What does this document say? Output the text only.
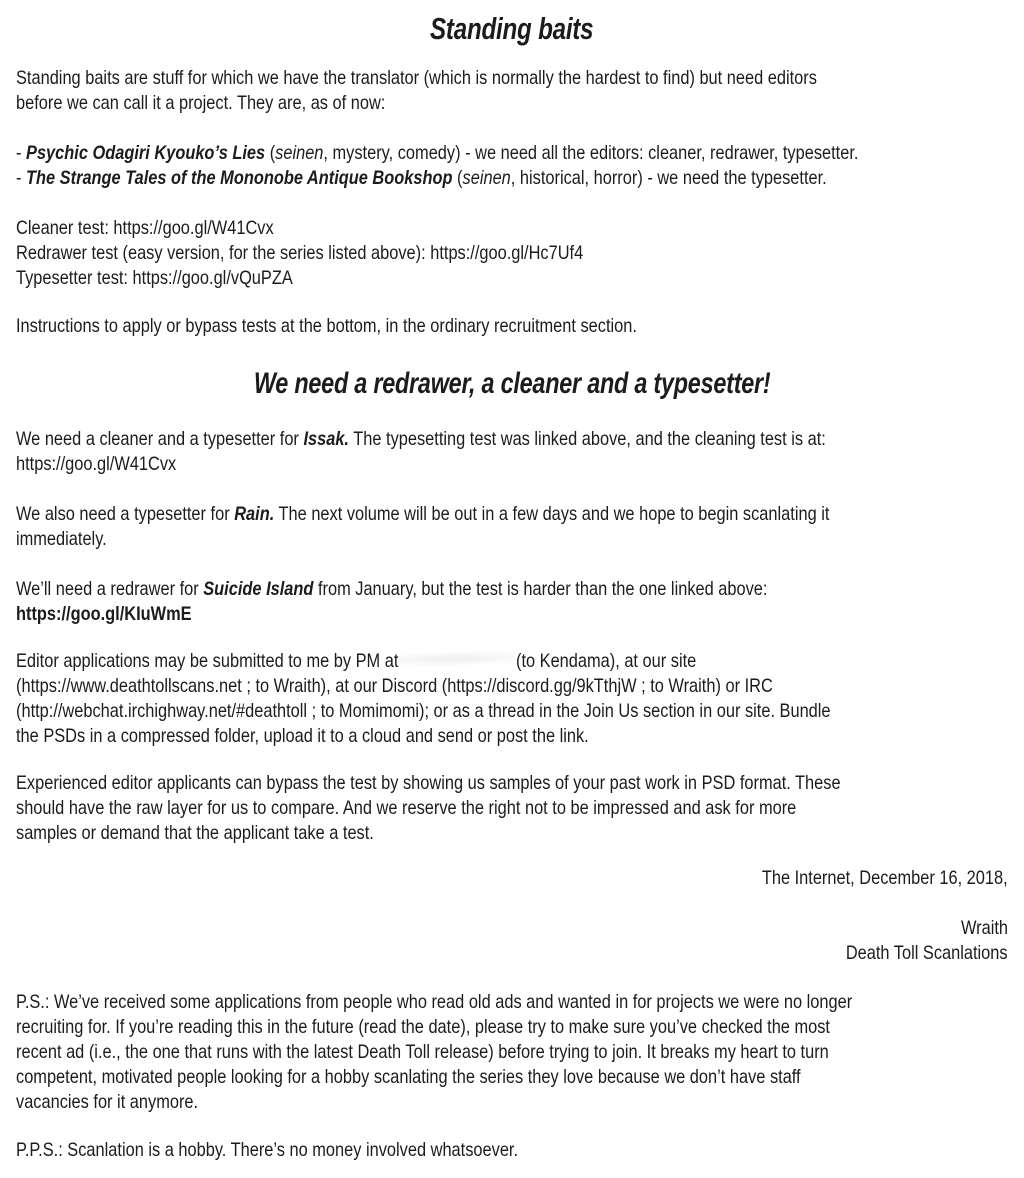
Standing baits
Standing baits are stuff for which we have the translator (which is normally the hardest to find) but need editors
before we can call it a project. They are, as of now:
- Psychic Odagiri Kyouko’s Lies (seinen, mystery, comedy) - we need all the editors: cleaner, redrawer, typesetter.
- The Strange Tales of the Mononobe Antique Bookshop (seinen, historical, horror) - we need the typesetter.
Cleaner test: https://goo.gl/W41Cvx
Redrawer test (easy version, for the series listed above): https://goo.gl/Hc7Uf4
Typesetter test: https://goo.gl/vQuPZA
Instructions to apply or bypass tests at the bottom, in the ordinary recruitment section.
We need a redrawer, a cleaner and a typesetter!
We need a cleaner and a typesetter for Issak. The typesetting test was linked above, and the cleaning test is at:
https://goo.gl/W41Cvx
We also need a typesetter for Rain. The next volume will be out in a few days and we hope to begin scanlating it
immediately.
We’ll need a redrawer for Suicide Island from January, but the test is harder than the one linked above:
https://goo.gl/KIuWmE
Editor applications may be submitted to me by PM at	(to Kendama), at our site
(https://www.deathtollscans.net ; to Wraith), at our Discord (https://discord.gg/9kTthjW ; to Wraith) or IRC
(http://webchat.irchighway.net/#deathtoll ; to Momimomi); or as a thread in the Join Us section in our site. Bundle
the PSDs in a compressed folder, upload it to a cloud and send or post the link.
Experienced editor applicants can bypass the test by showing us samples of your past work in PSD format. These
should have the raw layer for us to compare. And we reserve the right not to be impressed and ask for more
samples or demand that the applicant take a test.
The Internet, December 16, 2018,
Wraith
Death Toll Scanlations
P.S.: We’ve received some applications from people who read old ads and wanted in for projects we were no longer
recruiting for. If you’re reading this in the future (read the date), please try to make sure you’ve checked the most
recent ad (i.e., the one that runs with the latest Death Toll release) before trying to join. It breaks my heart to turn
competent, motivated people looking for a hobby scanlating the series they love because we don’t have staff
vacancies for it anymore.
P.P.S.: Scanlation is a hobby. There’s no money involved whatsoever.
